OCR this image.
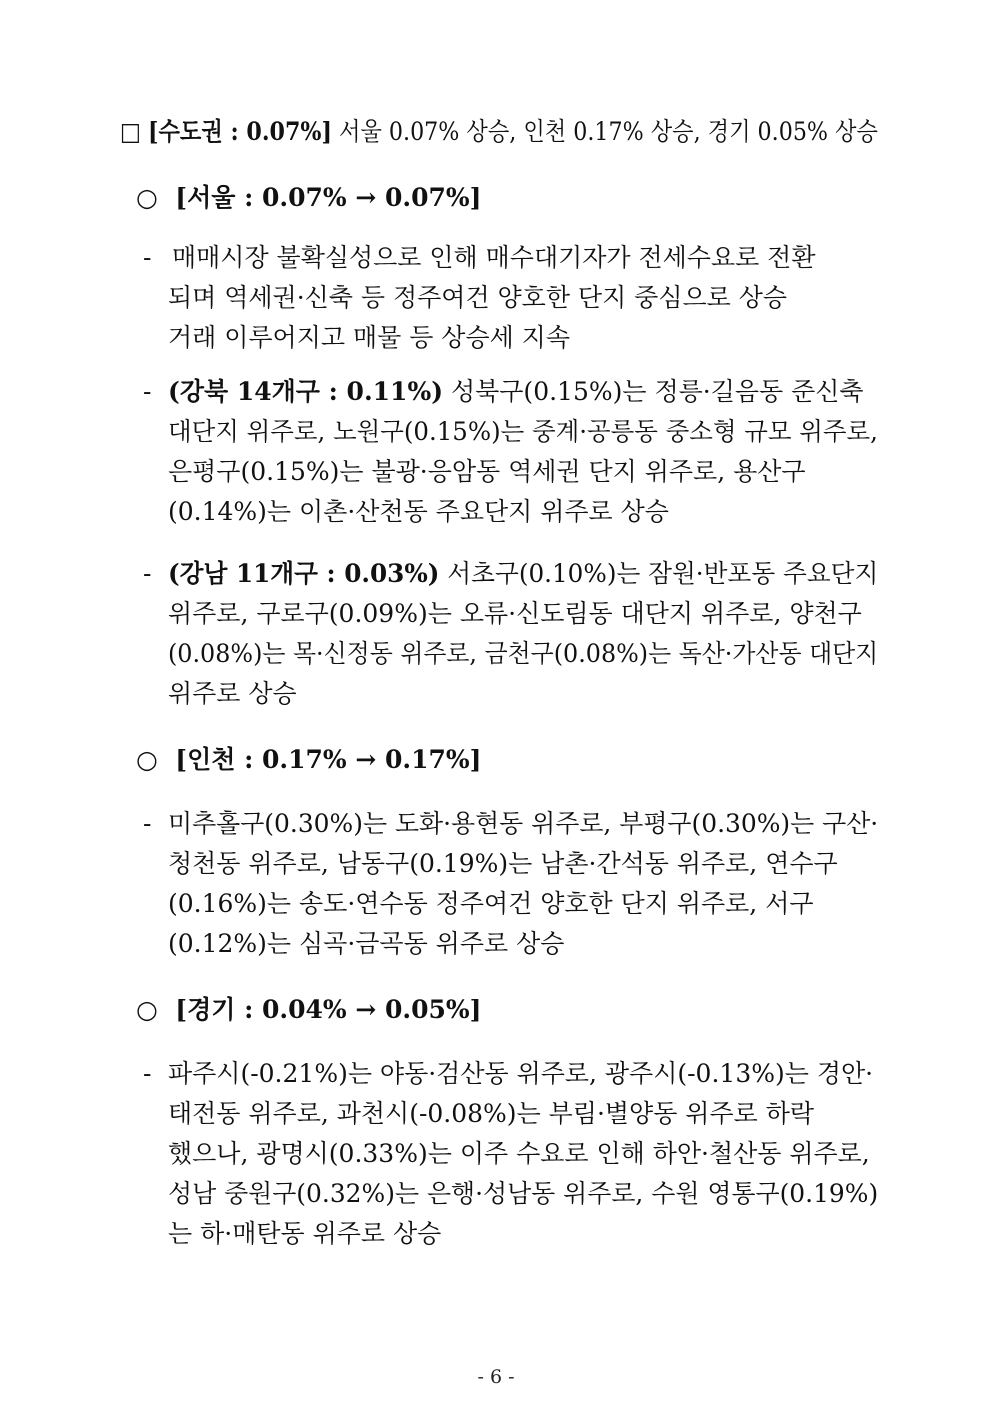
□ [수도권 : 0.07%] 서울 0.07% 상승, 인천 0.17% 상승, 경기 0.05% 상승
○ [서울 : 0.07% → 0.07%]
- 매매시장 불확실성으로 인해 매수대기자가 전세수요로 전환
되며 역세권·신축 등 정주여건 양호한 단지 중심으로 상승
거래 이루어지고 매물 등 상승세 지속
- (강북 14개구 : 0.11%) 성북구(0.15%)는 정릉·길음동 준신축
대단지 위주로, 노원구(0.15%)는 중계·공릉동 중소형 규모 위주로,
은평구(0.15%)는 불광·응암동 역세권 단지 위주로, 용산구
(0.14%)는 이촌·산천동 주요단지 위주로 상승
- (강남 11개구 : 0.03%) 서초구(0.10%)는 잠원·반포동 주요단지
위주로, 구로구(0.09%)는 오류·신도림동 대단지 위주로, 양천구
(0.08%)는 목·신정동 위주로, 금천구(0.08%)는 독산·가산동 대단지
위주로 상승
○ [인천 : 0.17% → 0.17%]
- 미추홀구(0.30%)는 도화·용현동 위주로, 부평구(0.30%)는 구산·
청천동 위주로, 남동구(0.19%)는 남촌·간석동 위주로, 연수구
(0.16%)는 송도·연수동 정주여건 양호한 단지 위주로, 서구
(0.12%)는 심곡·금곡동 위주로 상승
○ [경기 : 0.04% → 0.05%]
- 파주시(-0.21%)는 야동·검산동 위주로, 광주시(-0.13%)는 경안·
태전동 위주로, 과천시(-0.08%)는 부림·별양동 위주로 하락
했으나, 광명시(0.33%)는 이주 수요로 인해 하안·철산동 위주로,
성남 중원구(0.32%)는 은행·성남동 위주로, 수원 영통구(0.19%)
는 하·매탄동 위주로 상승
- 6 -
